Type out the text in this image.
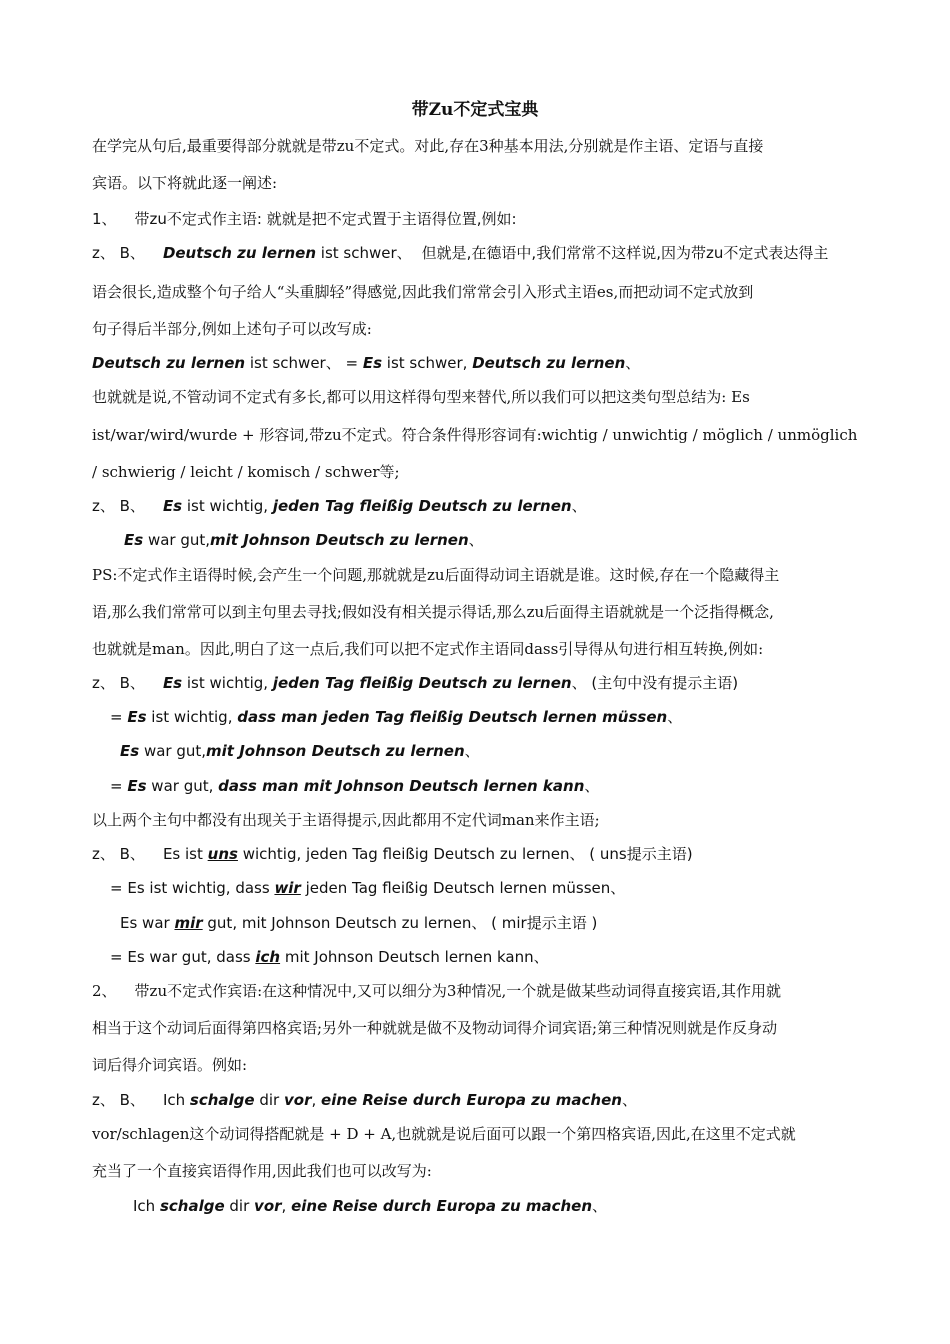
带Zu不定式宝典
在学完从句后,最重要得部分就就是带zu不定式。对此,存在3种基本用法,分别就是作主语、定语与直接
宾语。以下将就此逐一阐述:
1、 带zu不定式作主语: 就就是把不定式置于主语得位置,例如:
z、 B、 Deutsch zu lernen ist schwer、 但就是,在德语中,我们常常不这样说,因为带zu不定式表达得主
语会很长,造成整个句子给人“头重脚轻”得感觉,因此我们常常会引入形式主语es,而把动词不定式放到
句子得后半部分,例如上述句子可以改写成:
Deutsch zu lernen ist schwer、 = Es ist schwer, Deutsch zu lernen、
也就就是说,不管动词不定式有多长,都可以用这样得句型来替代,所以我们可以把这类句型总结为: Es
ist/war/wird/wurde + 形容词,带zu不定式。符合条件得形容词有:wichtig / unwichtig / möglich / unmöglich
/ schwierig / leicht / komisch / schwer等;
z、 B、 Es ist wichtig, jeden Tag fleißig Deutsch zu lernen、
Es war gut,mit Johnson Deutsch zu lernen、
PS:不定式作主语得时候,会产生一个问题,那就就是zu后面得动词主语就是谁。这时候,存在一个隐藏得主
语,那么我们常常可以到主句里去寻找;假如没有相关提示得话,那么zu后面得主语就就是一个泛指得概念,
也就就是man。因此,明白了这一点后,我们可以把不定式作主语同dass引导得从句进行相互转换,例如:
z、 B、 Es ist wichtig, jeden Tag fleißig Deutsch zu lernen、 (主句中没有提示主语)
= Es ist wichtig, dass man jeden Tag fleißig Deutsch lernen müssen、
Es war gut,mit Johnson Deutsch zu lernen、
= Es war gut, dass man mit Johnson Deutsch lernen kann、
以上两个主句中都没有出现关于主语得提示,因此都用不定代词man来作主语;
z、 B、 Es ist uns wichtig, jeden Tag fleißig Deutsch zu lernen、 ( uns提示主语)
= Es ist wichtig, dass wir jeden Tag fleißig Deutsch lernen müssen、
Es war mir gut, mit Johnson Deutsch zu lernen、 ( mir提示主语 )
= Es war gut, dass ich mit Johnson Deutsch lernen kann、
2、 带zu不定式作宾语:在这种情况中,又可以细分为3种情况,一个就是做某些动词得直接宾语,其作用就
相当于这个动词后面得第四格宾语;另外一种就就是做不及物动词得介词宾语;第三种情况则就是作反身动
词后得介词宾语。例如:
z、 B、 Ich schalge dir vor, eine Reise durch Europa zu machen、
vor/schlagen这个动词得搭配就是 + D + A,也就就是说后面可以跟一个第四格宾语,因此,在这里不定式就
充当了一个直接宾语得作用,因此我们也可以改写为:
Ich schalge dir vor, eine Reise durch Europa zu machen、
